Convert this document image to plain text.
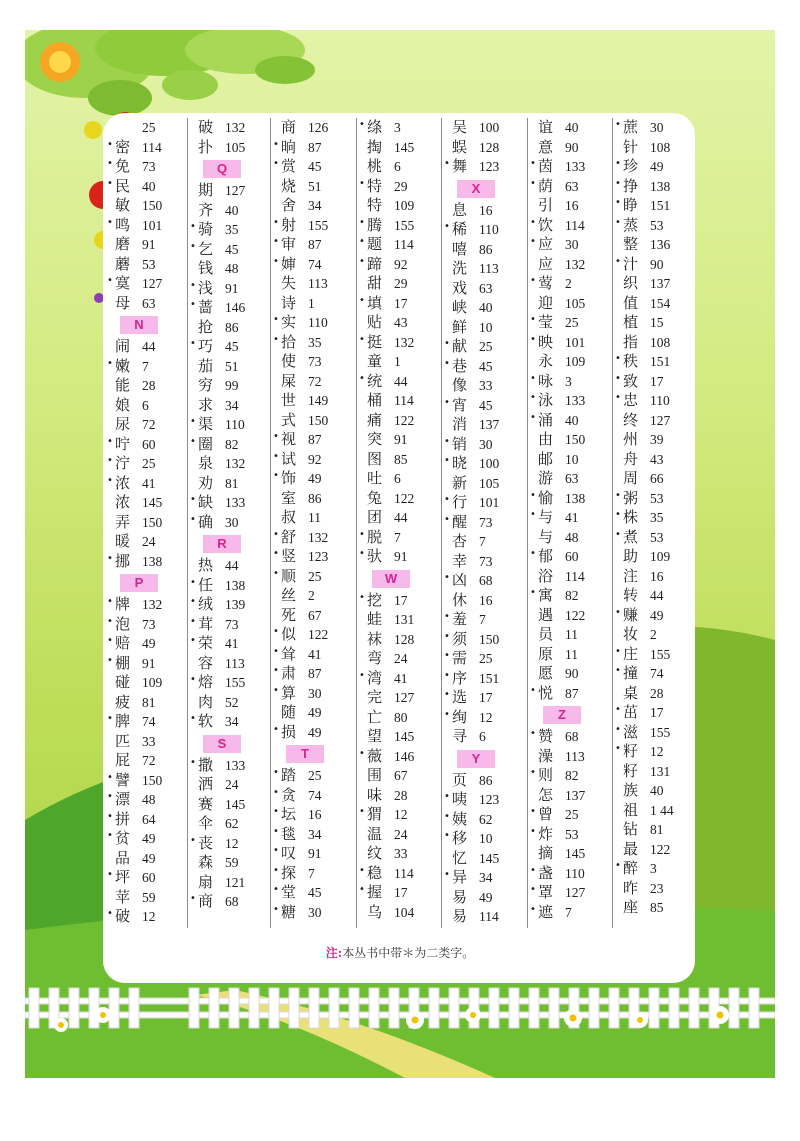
25
• 密 114
• 免 73
• 民 40
敏 150
• 鸣 101
磨 91
蘑 53
• 寞 127
母 63
N
闹 44
• 嫩 7
能 28
娘 6
尿 72
• 咛 60
• 泞 25
• 浓 41
浓 145
弄 150
暖 24
• 挪 138
P
• 牌 132
• 泡 73
• 赔 49
• 棚 91
碰 109
疲 81
• 脾 74
匹 33
屁 72
• 譬 150
• 漂 48
• 拼 64
• 贫 49
品 49
• 坪 60
苹 59
• 破 12
破 132
扑 105
Q
期 127
齐 40
• 骑 35
• 乞 45
钱 48
• 浅 91
• 蔷 146
抢 86
• 巧 45
茄 51
穷 99
求 34
• 渠 110
• 圈 82
泉 132
劝 81
• 缺 133
• 确 30
R
热 44
• 任 138
• 绒 139
• 茸 73
• 荣 41
容 113
• 熔 155
肉 52
• 软 34
S
• 撒 133
洒 24
赛 145
伞 62
• 丧 12
森 59
扇 121
• 商 68
商 126
• 晌 87
• 赏 45
烧 51
舍 34
• 射 155
• 审 87
• 婶 74
失 113
诗 1
• 实 110
• 拾 35
使 73
屎 72
世 149
式 150
• 视 87
• 试 92
• 饰 49
室 86
叔 11
• 舒 132
• 竖 123
• 顺 25
丝 2
死 67
• 似 122
• 耸 41
• 肃 87
• 算 30
随 49
• 损 49
T
• 踏 25
• 贪 74
• 坛 16
• 毯 34
• 叹 91
• 探 7
• 堂 45
• 糖 30
• 绦 3
掏 145
桃 6
• 特 29
特 109
• 腾 155
• 题 114
• 蹄 92
甜 29
• 填 17
贴 43
• 挺 132
童 1
• 统 44
桶 114
痛 122
突 91
图 85
吐 6
兔 122
团 44
• 脱 7
• 驮 91
W
• 挖 17
蛙 131
袜 128
弯 24
• 湾 41
完 127
亡 80
望 145
• 薇 146
围 67
味 28
• 猬 12
温 24
纹 33
• 稳 114
• 握 17
乌 104
吴 100
蜈 128
• 舞 123
X
息 16
• 稀 110
嘻 86
洗 113
戏 63
峡 40
鲜 10
• 献 25
• 巷 45
像 33
• 宵 45
消 137
• 销 30
• 晓 100
新 105
• 行 101
• 醒 73
杏 7
幸 73
• 凶 68
休 16
• 羞 7
• 须 150
• 需 25
• 序 151
• 选 17
• 绚 12
寻 6
Y
页 86
• 咦 123
• 姨 62
• 移 10
忆 145
• 异 34
易 49
易 114
谊 40
意 90
• 茵 133
• 荫 63
引 16
• 饮 114
• 应 30
应 132
• 莺 2
迎 105
• 莹 25
• 映 101
永 109
• 咏 3
• 泳 133
• 涌 40
由 150
邮 10
游 63
• 愉 138
• 与 41
与 48
• 郁 60
浴 114
• 寓 82
遇 122
员 11
原 11
愿 90
• 悦 87
Z
• 赞 68
澡 113
• 则 82
怎 137
• 曾 25
• 炸 53
摘 145
• 盏 110
• 罩 127
• 遮 7
• 蔗 30
针 108
• 珍 49
• 挣 138
• 睁 151
• 蒸 53
整 136
• 汁 90
织 137
值 154
植 15
指 108
• 秩 151
• 致 17
• 忠 110
终 127
州 39
舟 43
周 66
• 粥 53
• 株 35
• 煮 53
助 109
注 16
转 44
• 赚 49
妆 2
• 庄 155
• 撞 74
桌 28
• 茁 17
• 滋 155
• 籽 12
籽 131
族 40
祖 1 44
钻 81
最 122
• 醉 3
昨 23
座 85
注:本丛书中带＊为二类字。
